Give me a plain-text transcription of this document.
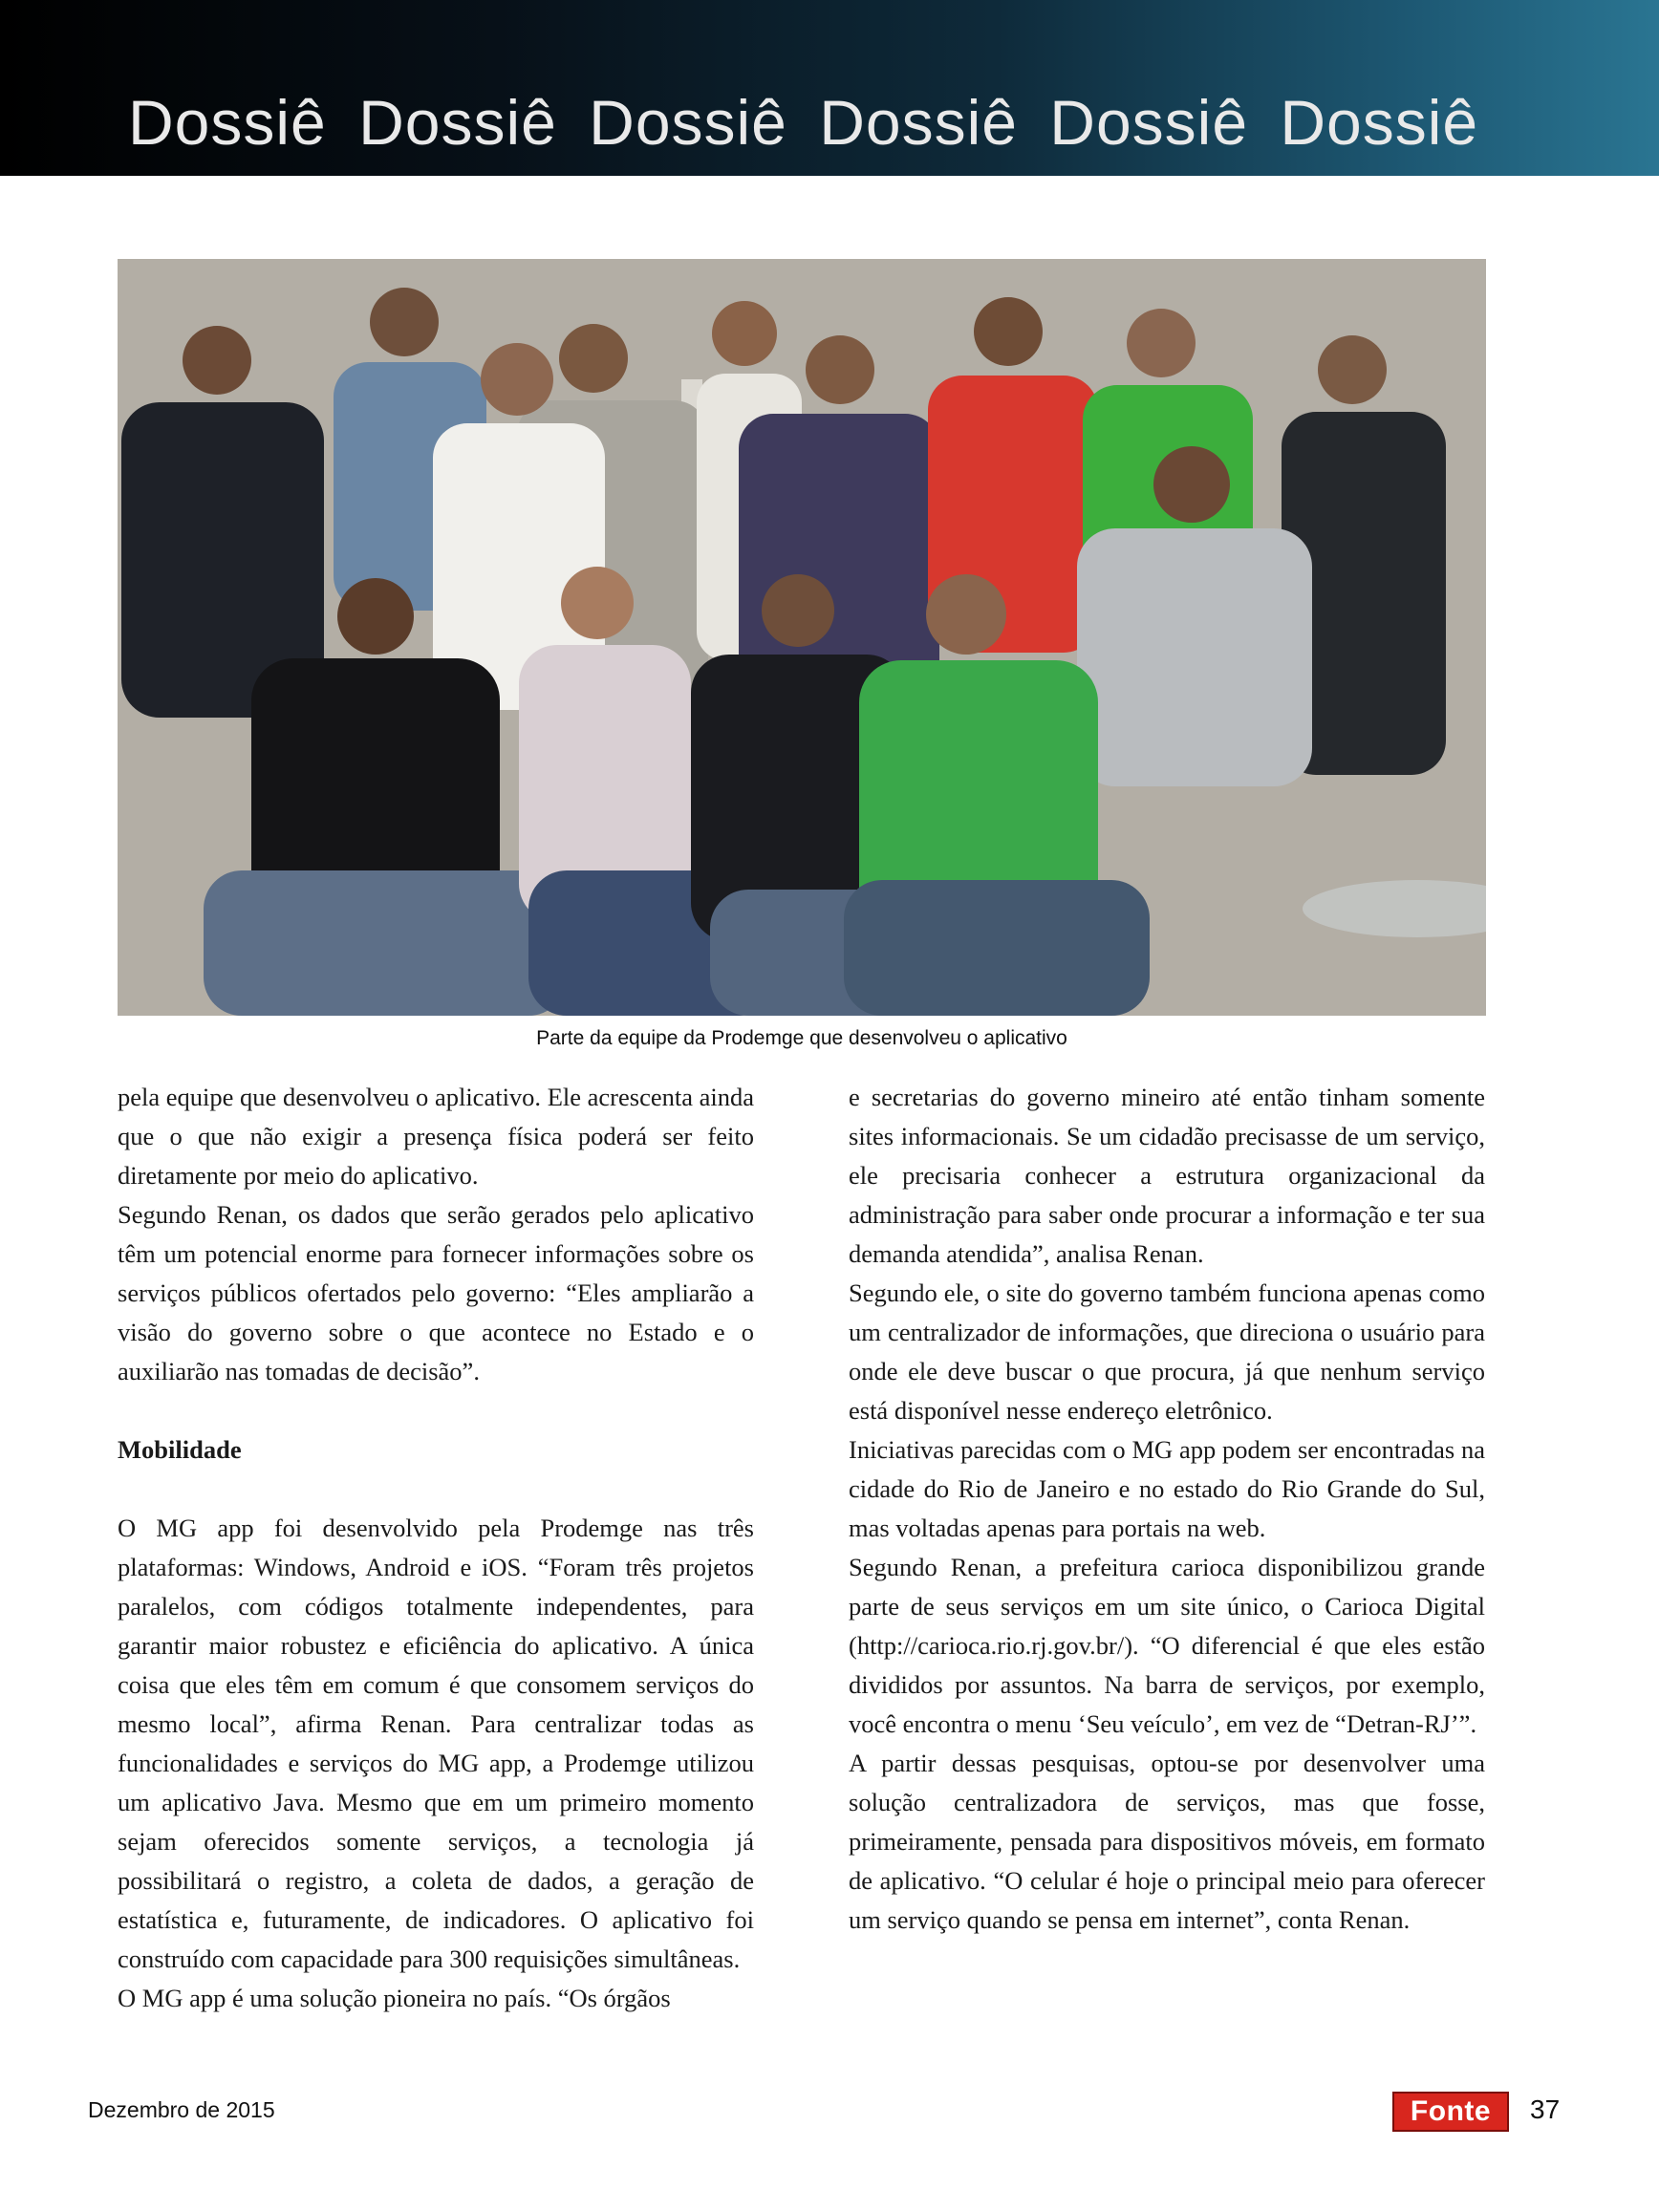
Dossiê Dossiê Dossiê Dossiê Dossiê Dossiê
Parte da equipe da Prodemge que desenvolveu o aplicativo

pela equipe que desenvolveu o aplicativo. Ele acrescenta ainda que o que não exigir a presença física poderá ser feito diretamente por meio do aplicativo.

Segundo Renan, os dados que serão gerados pelo aplicativo têm um potencial enorme para fornecer informações sobre os serviços públicos ofertados pelo governo: “Eles ampliarão a visão do governo sobre o que acontece no Estado e o auxiliarão nas tomadas de decisão”.

Mobilidade

O MG app foi desenvolvido pela Prodemge nas três plataformas: Windows, Android e iOS. “Foram três projetos paralelos, com códigos totalmente independentes, para garantir maior robustez e eficiência do aplicativo. A única coisa que eles têm em comum é que consomem serviços do mesmo local”, afirma Renan. Para centralizar todas as funcionalidades e serviços do MG app, a Prodemge utilizou um aplicativo Java. Mesmo que em um primeiro momento sejam oferecidos somente serviços, a tecnologia já possibilitará o registro, a coleta de dados, a geração de estatística e, futuramente, de indicadores. O aplicativo foi construído com capacidade para 300 requisições simultâneas.

O MG app é uma solução pioneira no país. “Os órgãos

e secretarias do governo mineiro até então tinham somente sites informacionais. Se um cidadão precisasse de um serviço, ele precisaria conhecer a estrutura organizacional da administração para saber onde procurar a informação e ter sua demanda atendida”, analisa Renan.

Segundo ele, o site do governo também funciona apenas como um centralizador de informações, que direciona o usuário para onde ele deve buscar o que procura, já que nenhum serviço está disponível nesse endereço eletrônico.

Iniciativas parecidas com o MG app podem ser encontradas na cidade do Rio de Janeiro e no estado do Rio Grande do Sul, mas voltadas apenas para portais na web.

Segundo Renan, a prefeitura carioca disponibilizou grande parte de seus serviços em um site único, o Carioca Digital (http://carioca.rio.rj.gov.br/). “O diferencial é que eles estão divididos por assuntos. Na barra de serviços, por exemplo, você encontra o menu ‘Seu veículo’, em vez de “Detran-RJ’”.

A partir dessas pesquisas, optou-se por desenvolver uma solução centralizadora de serviços, mas que fosse, primeiramente, pensada para dispositivos móveis, em formato de aplicativo. “O celular é hoje o principal meio para oferecer um serviço quando se pensa em internet”, conta Renan.

Dezembro de 2015	Fonte	37
